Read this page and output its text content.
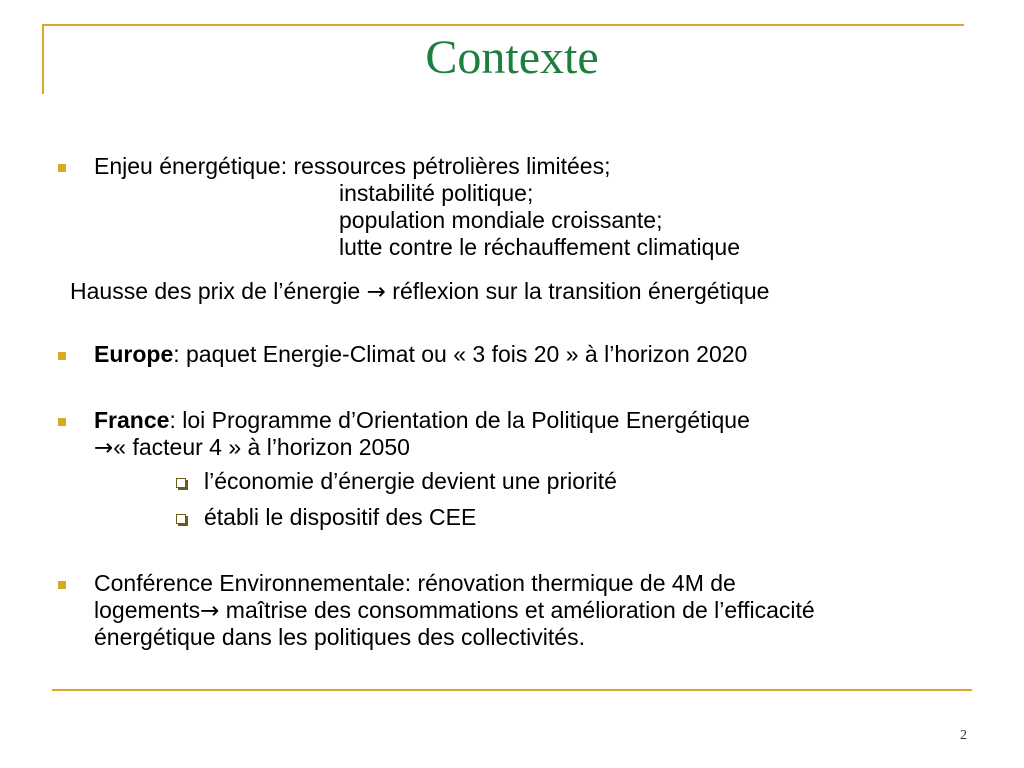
Contexte
Enjeu énergétique: ressources pétrolières limitées;
instabilité politique;
population mondiale croissante;
lutte contre le réchauffement climatique
Hausse des prix de l’énergie → réflexion sur la transition énergétique
Europe: paquet Energie-Climat ou « 3 fois 20 » à l’horizon 2020
France: loi Programme d’Orientation de la Politique Energétique
→« facteur 4 » à l’horizon 2050
l’économie d’énergie devient une priorité
établi le dispositif des CEE
Conférence Environnementale: rénovation thermique de 4M de
logements→ maîtrise des consommations et amélioration de l’efficacité
énergétique dans les politiques des collectivités.
2
